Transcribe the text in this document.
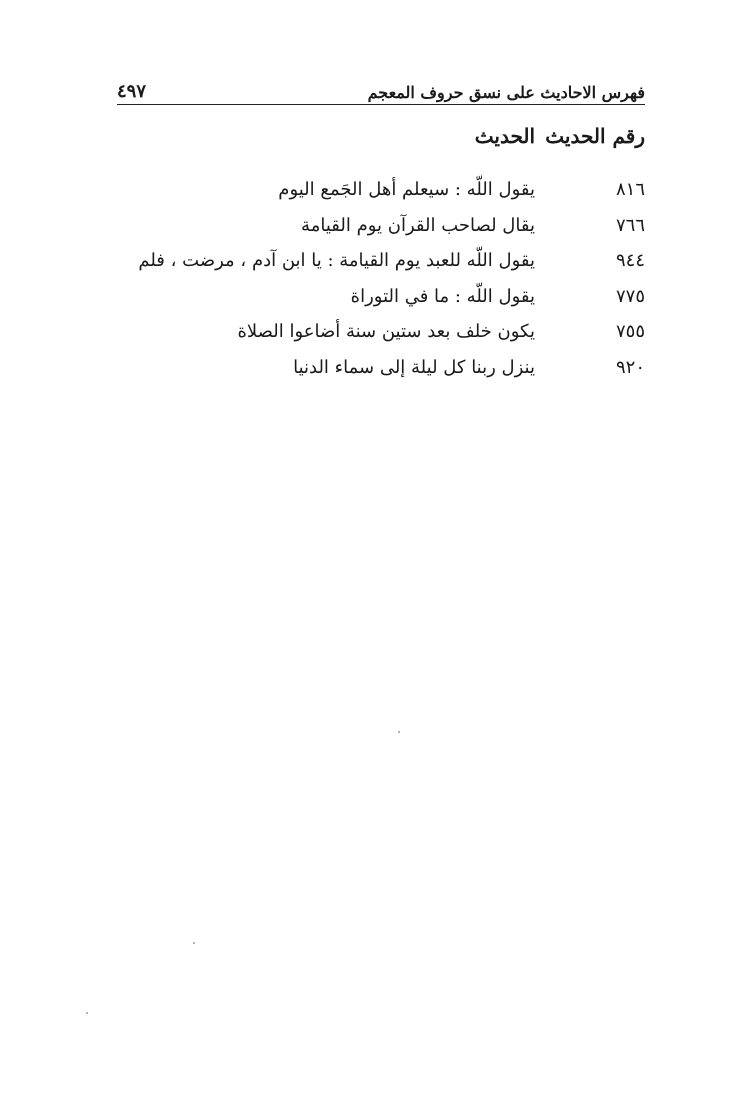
فهرس الاحاديث على نسق حروف المعجم
٤٩٧
رقم الحديث
الحديث
٨١٦
يقول اللّه : سيعلم أهل الجَمع اليوم
٧٦٦
يقال لصاحب القرآن يوم القيامة
٩٤٤
يقول اللّه للعبد يوم القيامة : يا ابن آدم ، مرضت ، فلم
٧٧٥
يقول اللّه : ما في التوراة
٧٥٥
يكون خلف بعد ستين سنة أضاعوا الصلاة
٩٢٠
ينزل ربنا كل ليلة إلى سماء الدنيا
